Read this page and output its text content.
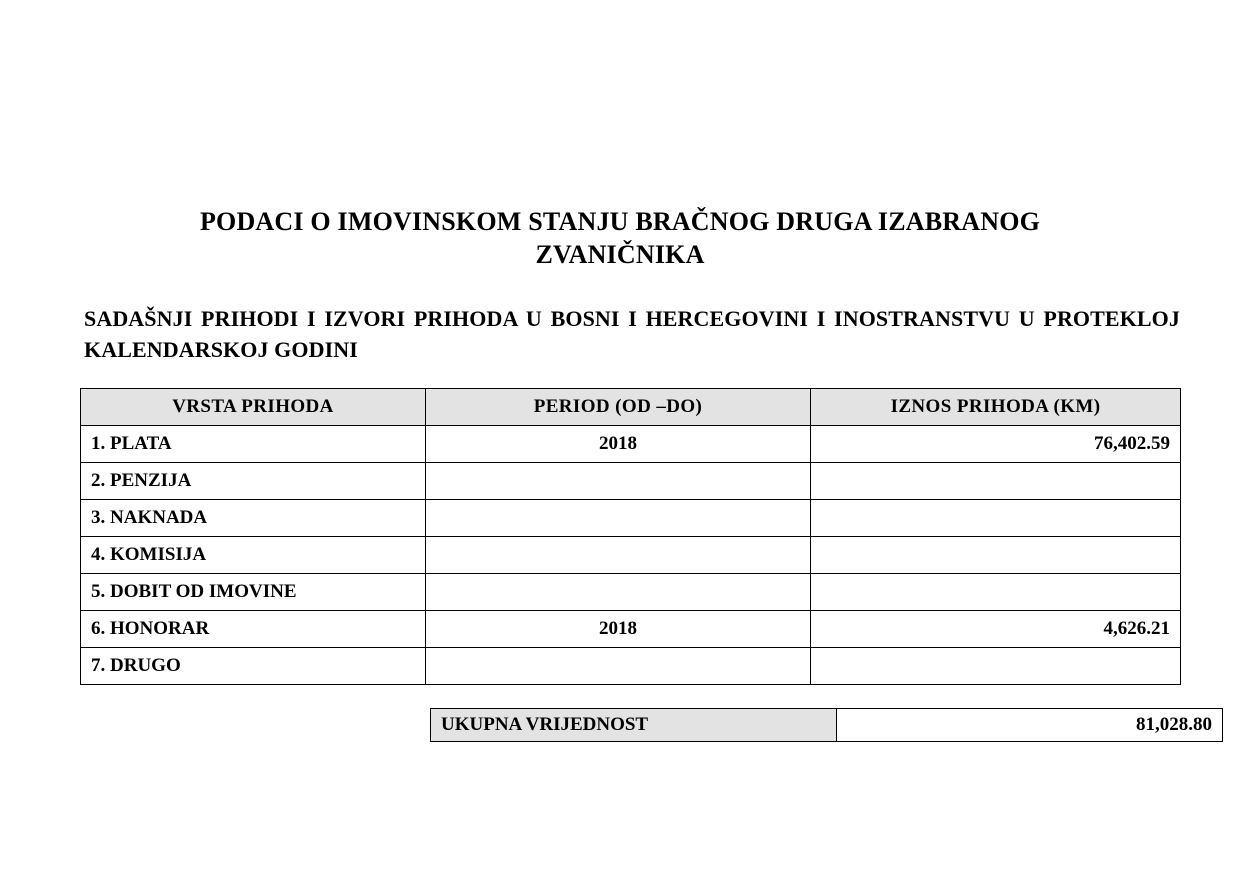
PODACI O IMOVINSKOM STANJU BRAČNOG DRUGA IZABRANOG ZVANIČNIKA
SADAŠNJI PRIHODI I IZVORI PRIHODA U BOSNI I HERCEGOVINI I INOSTRANSTVU U PROTEKLOJ KALENDARSKOJ GODINI
VRSTA PRIHODA	PERIOD (OD –DO)	IZNOS PRIHODA (KM)
1. PLATA	2018	76,402.59
2. PENZIJA		
3. NAKNADA		
4. KOMISIJA		
5. DOBIT OD IMOVINE		
6. HONORAR	2018	4,626.21
7. DRUGO		
UKUPNA VRIJEDNOST	81,028.80
